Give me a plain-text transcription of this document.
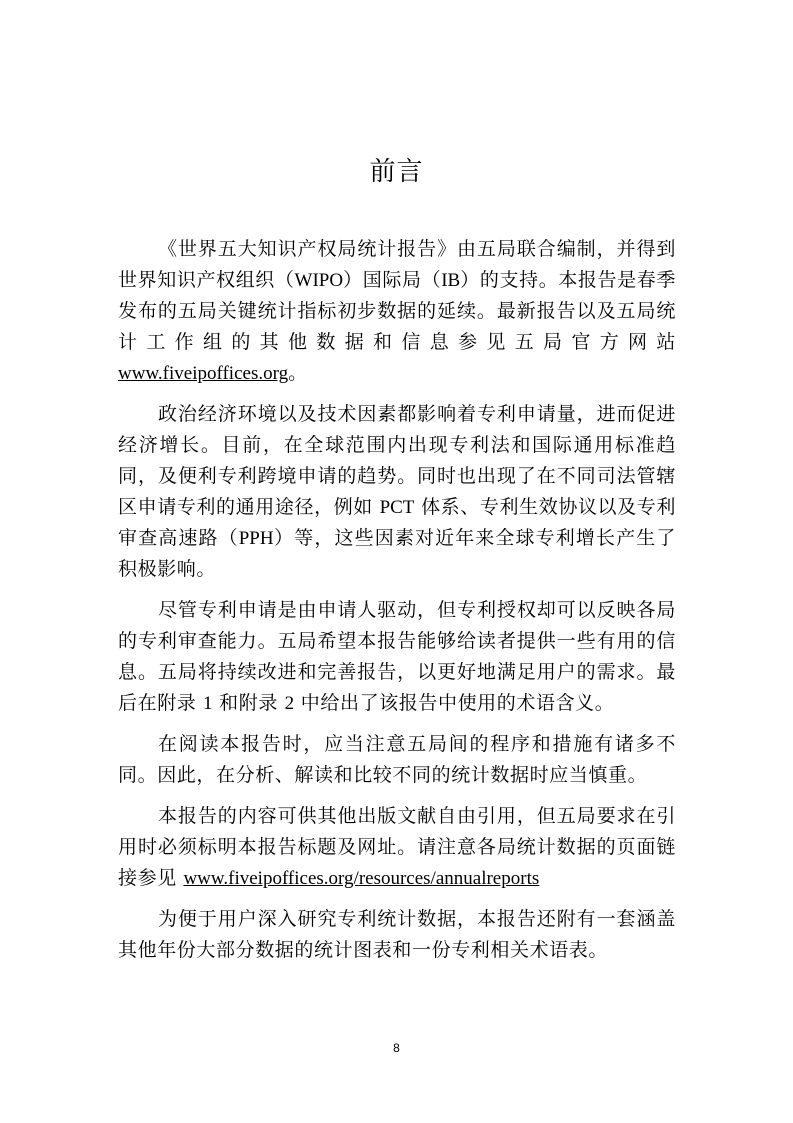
前言

《世界五大知识产权局统计报告》由五局联合编制，并得到世界知识产权组织（WIPO）国际局（IB）的支持。本报告是春季发布的五局关键统计指标初步数据的延续。最新报告以及五局统计工作组的其他数据和信息参见五局官方网站 www.fiveipoffices.org。

政治经济环境以及技术因素都影响着专利申请量，进而促进经济增长。目前，在全球范围内出现专利法和国际通用标准趋同，及便利专利跨境申请的趋势。同时也出现了在不同司法管辖区申请专利的通用途径，例如 PCT 体系、专利生效协议以及专利审查高速路（PPH）等，这些因素对近年来全球专利增长产生了积极影响。

尽管专利申请是由申请人驱动，但专利授权却可以反映各局的专利审查能力。五局希望本报告能够给读者提供一些有用的信息。五局将持续改进和完善报告，以更好地满足用户的需求。最后在附录 1 和附录 2 中给出了该报告中使用的术语含义。

在阅读本报告时，应当注意五局间的程序和措施有诸多不同。因此，在分析、解读和比较不同的统计数据时应当慎重。

本报告的内容可供其他出版文献自由引用，但五局要求在引用时必须标明本报告标题及网址。请注意各局统计数据的页面链接参见 www.fiveipoffices.org/resources/annualreports

为便于用户深入研究专利统计数据，本报告还附有一套涵盖其他年份大部分数据的统计图表和一份专利相关术语表。

8
